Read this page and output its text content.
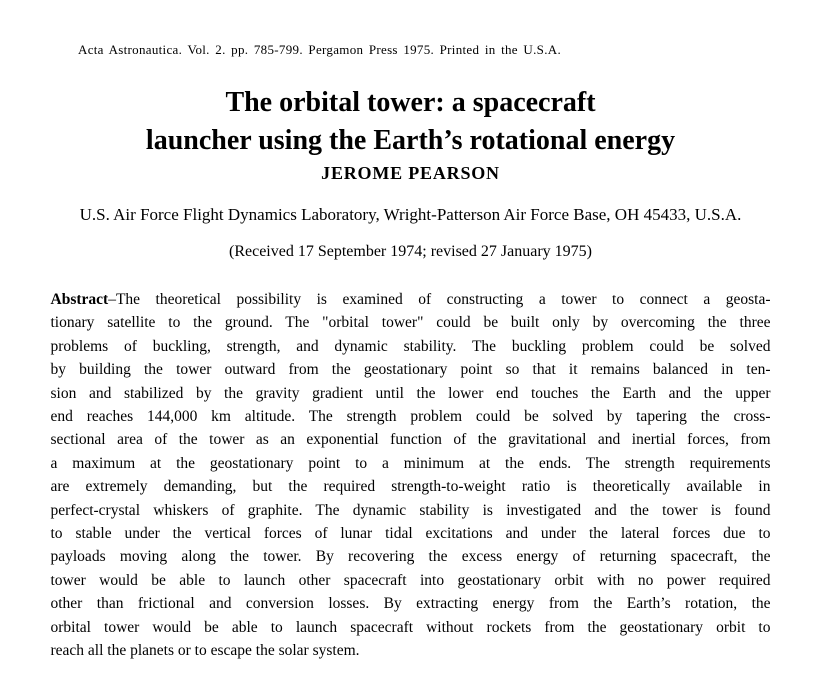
Acta Astronautica. Vol. 2. pp. 785-799. Pergamon Press 1975. Printed in the U.S.A.
The orbital tower: a spacecraft
launcher using the Earth’s rotational energy
JEROME PEARSON
U.S. Air Force Flight Dynamics Laboratory, Wright-Patterson Air Force Base, OH 45433, U.S.A.
(Received 17 September 1974; revised 27 January 1975)
Abstract–The theoretical possibility is examined of constructing a tower to connect a geosta-
tionary satellite to the ground. The "orbital tower" could be built only by overcoming the three
problems of buckling, strength, and dynamic stability. The buckling problem could be solved
by building the tower outward from the geostationary point so that it remains balanced in ten-
sion and stabilized by the gravity gradient until the lower end touches the Earth and the upper
end reaches 144,000 km altitude. The strength problem could be solved by tapering the cross-
sectional area of the tower as an exponential function of the gravitational and inertial forces, from
a maximum at the geostationary point to a minimum at the ends. The strength requirements
are extremely demanding, but the required strength-to-weight ratio is theoretically available in
perfect-crystal whiskers of graphite. The dynamic stability is investigated and the tower is found
to stable under the vertical forces of lunar tidal excitations and under the lateral forces due to
payloads moving along the tower. By recovering the excess energy of returning spacecraft, the
tower would be able to launch other spacecraft into geostationary orbit with no power required
other than frictional and conversion losses. By extracting energy from the Earth’s rotation, the
orbital tower would be able to launch spacecraft without rockets from the geostationary orbit to
reach all the planets or to escape the solar system.
